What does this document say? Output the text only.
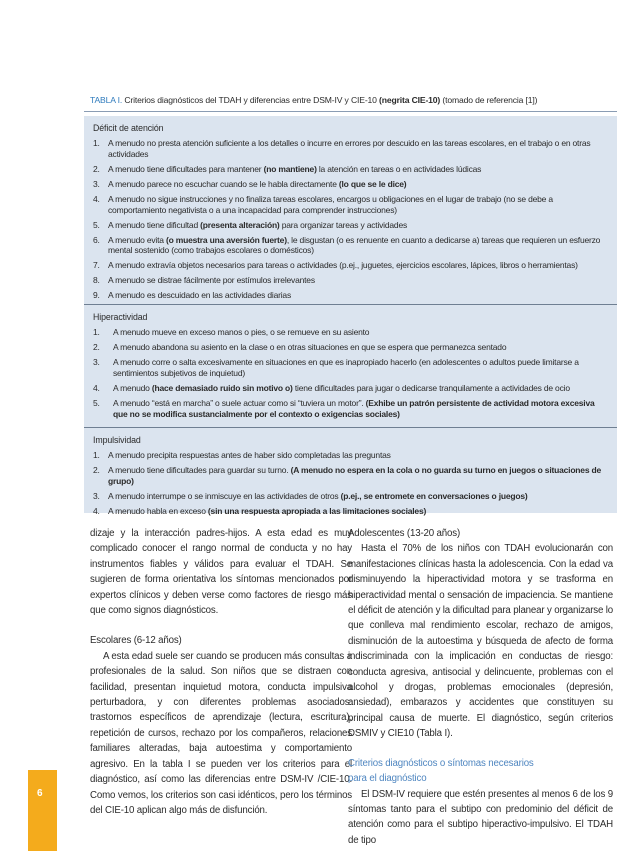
6
TABLA I. Criterios diagnósticos del TDAH y diferencias entre DSM-IV y CIE-10 (negrita CIE-10) (tomado de referencia [1])
Déficit de atención
1. A menudo no presta atención suficiente a los detalles o incurre en errores por descuido en las tareas escolares, en el trabajo o en otras actividades
2. A menudo tiene dificultades para mantener (no mantiene) la atención en tareas o en actividades lúdicas
3. A menudo parece no escuchar cuando se le habla directamente (lo que se le dice)
4. A menudo no sigue instrucciones y no finaliza tareas escolares, encargos u obligaciones en el lugar de trabajo (no se debe a comportamiento negativista o a una incapacidad para comprender instrucciones)
5. A menudo tiene dificultad (presenta alteración) para organizar tareas y actividades
6. A menudo evita (o muestra una aversión fuerte), le disgustan (o es renuente en cuanto a dedicarse a) tareas que requieren un esfuerzo mental sostenido (como trabajos escolares o domésticos)
7. A menudo extravía objetos necesarios para tareas o actividades (p.ej., juguetes, ejercicios escolares, lápices, libros o herramientas)
8. A menudo se distrae fácilmente por estímulos irrelevantes
9. A menudo es descuidado en las actividades diarias
Hiperactividad
1. A menudo mueve en exceso manos o pies, o se remueve en su asiento
2. A menudo abandona su asiento en la clase o en otras situaciones en que se espera que permanezca sentado
3. A menudo corre o salta excesivamente en situaciones en que es inapropiado hacerlo (en adolescentes o adultos puede limitarse a sentimientos subjetivos de inquietud)
4. A menudo (hace demasiado ruido sin motivo o) tiene dificultades para jugar o dedicarse tranquilamente a actividades de ocio
5. A menudo “está en marcha” o suele actuar como si “tuviera un motor”. (Exhibe un patrón persistente de actividad motora excesiva que no se modifica sustancialmente por el contexto o exigencias sociales)
Impulsividad
1. A menudo precipita respuestas antes de haber sido completadas las preguntas
2. A menudo tiene dificultades para guardar su turno. (A menudo no espera en la cola o no guarda su turno en juegos o situaciones de grupo)
3. A menudo interrumpe o se inmiscuye en las actividades de otros (p.ej., se entromete en conversaciones o juegos)
4. A menudo habla en exceso (sin una respuesta apropiada a las limitaciones sociales)

dizaje y la interacción padres-hijos. A esta edad es muy complicado conocer el rango normal de conducta y no hay instrumentos fiables y válidos para evaluar el TDAH. Se sugieren de forma orientativa los síntomas mencionados por expertos clínicos y deben verse como factores de riesgo más que como signos diagnósticos.

Escolares (6-12 años)

A esta edad suele ser cuando se producen más consultas a profesionales de la salud. Son niños que se distraen con facilidad, presentan inquietud motora, conducta impulsiva perturbadora, y con diferentes problemas asociados: trastornos específicos de aprendizaje (lectura, escritura), repetición de cursos, rechazo por los compañeros, relaciones familiares alteradas, baja autoestima y comportamiento agresivo. En la tabla I se pueden ver los criterios para el diagnóstico, así como las diferencias entre DSM-IV /CIE-10. Como vemos, los criterios son casi idénticos, pero los términos del CIE-10 aplican algo más de disfunción.

Adolescentes (13-20 años)

Hasta el 70% de los niños con TDAH evolucionarán con manifestaciones clínicas hasta la adolescencia. Con la edad va disminuyendo la hiperactividad motora y se trasforma en hiperactividad mental o sensación de impaciencia. Se mantiene el déficit de atención y la dificultad para planear y organizarse lo que conlleva mal rendimiento escolar, rechazo de amigos, disminución de la autoestima y búsqueda de afecto de forma indiscriminada con la implicación en conductas de riesgo: conducta agresiva, antisocial y delincuente, problemas con el alcohol y drogas, problemas emocionales (depresión, ansiedad), embarazos y accidentes que constituyen su principal causa de muerte. El diagnóstico, según criterios DSMIV y CIE10 (Tabla I).

Criterios diagnósticos o síntomas necesarios
para el diagnóstico

El DSM-IV requiere que estén presentes al menos 6 de los 9 síntomas tanto para el subtipo con predominio del déficit de atención como para el subtipo hiperactivo-impulsivo. El TDAH de tipo
